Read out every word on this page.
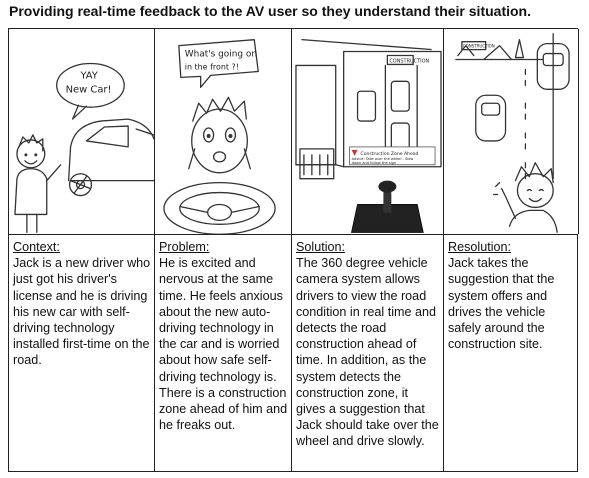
Providing real-time feedback to the AV user so they understand their situation.
YAY
New Car!
What's going on
in the front ?!
CONSTRUCTION
Construction Zone Ahead
Advice: Take over the wheel - Slow
down and follow the sign
CONSTRUCTION
Context:
Jack is a new driver who just got his driver's license and he is driving his new car with self-driving technology installed first-time on the road.
Problem:
He is excited and nervous at the same time. He feels anxious about the new auto-driving technology in the car and is worried about how safe self-driving technology is. There is a construction zone ahead of him and he freaks out.
Solution:
The 360 degree vehicle camera system allows drivers to view the road condition in real time and detects the road construction ahead of time. In addition, as the system detects the construction zone, it gives a suggestion that Jack should take over the wheel and drive slowly.
Resolution:
Jack takes the suggestion that the system offers and drives the vehicle safely around the construction site.
